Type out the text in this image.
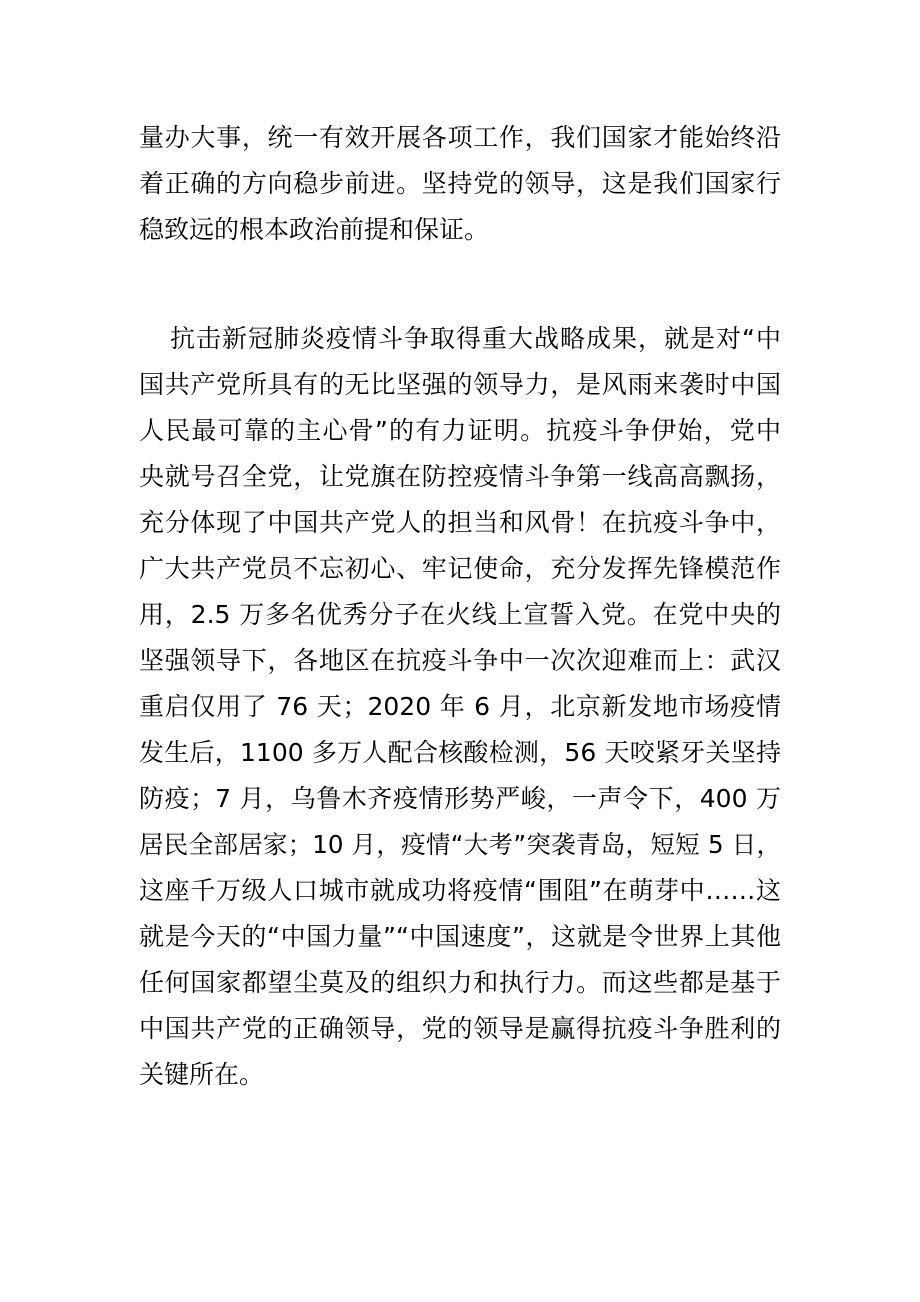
量办大事，统一有效开展各项工作，我们国家才能始终沿
着正确的方向稳步前进。坚持党的领导，这是我们国家行
稳致远的根本政治前提和保证。
抗击新冠肺炎疫情斗争取得重大战略成果，就是对“中
国共产党所具有的无比坚强的领导力，是风雨来袭时中国
人民最可靠的主心骨”的有力证明。抗疫斗争伊始，党中
央就号召全党，让党旗在防控疫情斗争第一线高高飘扬，
充分体现了中国共产党人的担当和风骨！在抗疫斗争中，
广大共产党员不忘初心、牢记使命，充分发挥先锋模范作
用，2.5 万多名优秀分子在火线上宣誓入党。在党中央的
坚强领导下，各地区在抗疫斗争中一次次迎难而上：武汉
重启仅用了 76 天；2020 年 6 月，北京新发地市场疫情
发生后，1100 多万人配合核酸检测，56 天咬紧牙关坚持
防疫；7 月，乌鲁木齐疫情形势严峻，一声令下，400 万
居民全部居家；10 月，疫情“大考”突袭青岛，短短 5 日，
这座千万级人口城市就成功将疫情“围阻”在萌芽中……这
就是今天的“中国力量”“中国速度”，这就是令世界上其他
任何国家都望尘莫及的组织力和执行力。而这些都是基于
中国共产党的正确领导，党的领导是赢得抗疫斗争胜利的
关键所在。
